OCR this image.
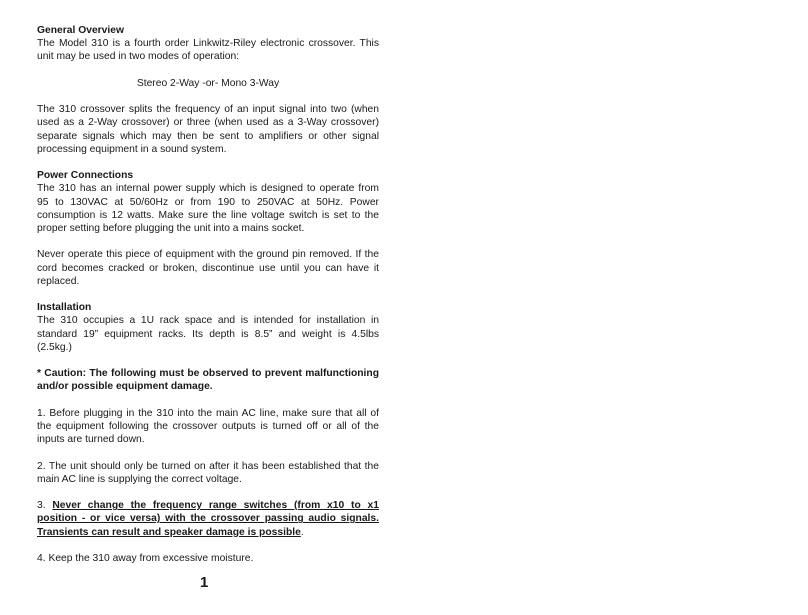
General Overview

The Model 310 is a fourth order Linkwitz-Riley electronic crossover. This unit may be used in two modes of operation:

Stereo 2-Way -or- Mono 3-Way

The 310 crossover splits the frequency of an input signal into two (when used as a 2-Way crossover) or three (when used as a 3-Way crossover) separate signals which may then be sent to amplifiers or other signal processing equipment in a sound system.

Power Connections

The 310 has an internal power supply which is designed to operate from 95 to 130VAC at 50/60Hz or from 190 to 250VAC at 50Hz. Power consumption is 12 watts. Make sure the line voltage switch is set to the proper setting before plugging the unit into a mains socket.

Never operate this piece of equipment with the ground pin removed. If the cord becomes cracked or broken, discontinue use until you can have it replaced.

Installation

The 310 occupies a 1U rack space and is intended for installation in standard 19” equipment racks. Its depth is 8.5” and weight is 4.5lbs (2.5kg.)

* Caution: The following must be observed to prevent malfunctioning and/or possible equipment damage.

1. Before plugging in the 310 into the main AC line, make sure that all of the equipment following the crossover outputs is turned off or all of the inputs are turned down.

2. The unit should only be turned on after it has been established that the main AC line is supplying the correct voltage.

3. Never change the frequency range switches (from x10 to x1 position - or vice versa) with the crossover passing audio signals. Transients can result and speaker damage is possible.

4. Keep the 310 away from excessive moisture.

1
